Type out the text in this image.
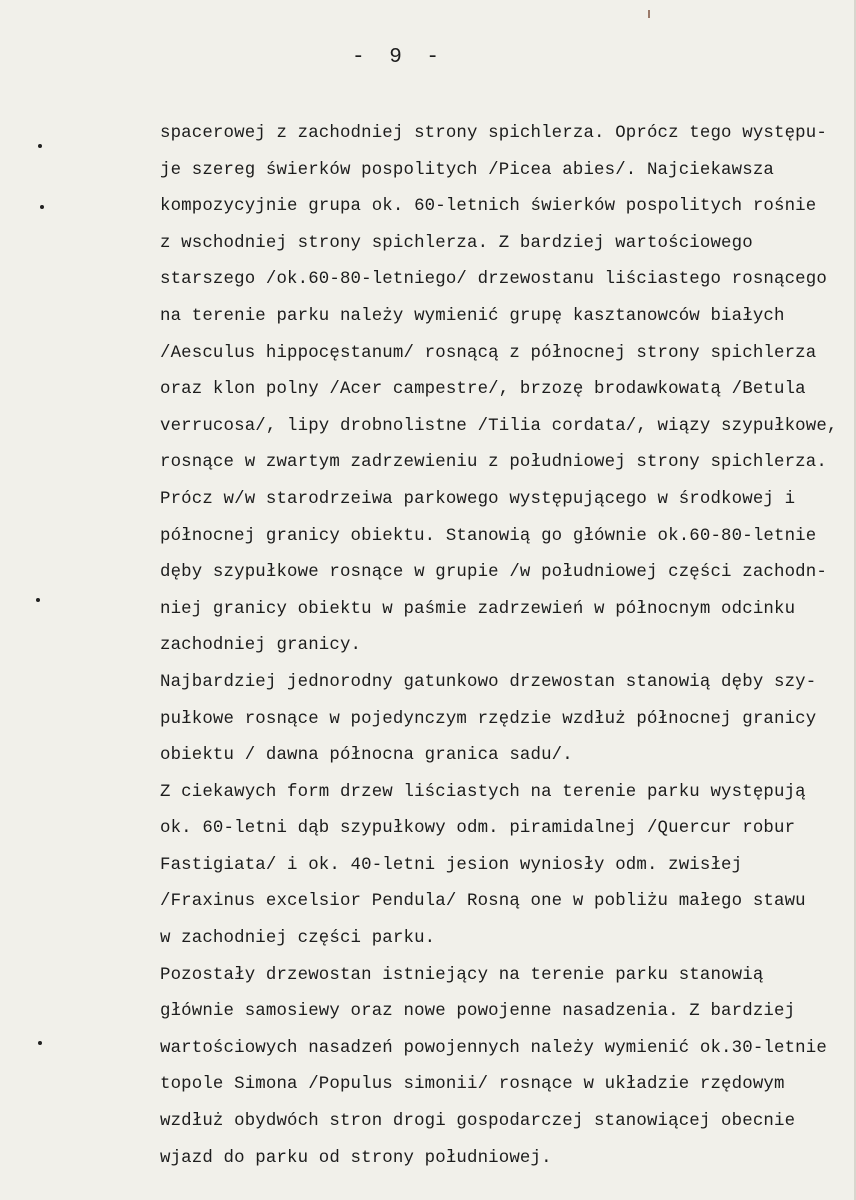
- 9 -
spacerowej z zachodniej strony spichlerza. Oprócz tego występu-
je szereg świerków pospolitych /Picea abies/. Najciekawsza
kompozycyjnie grupa ok. 60-letnich świerków pospolitych rośnie
z wschodniej strony spichlerza. Z bardziej wartościowego
starszego /ok.60-80-letniego/ drzewostanu liściastego rosnącego
na terenie parku należy wymienić grupę kasztanowców białych
/Aesculus hippocęstanum/ rosnącą z północnej strony spichlerza
oraz klon polny /Acer campestre/, brzozę brodawkowatą /Betula
verrucosa/, lipy drobnolistne /Tilia cordata/, wiązy szypułkowe,
rosnące w zwartym zadrzewieniu z południowej strony spichlerza.
Prócz w/w starodrzeiwa parkowego występującego w środkowej i
północnej granicy obiektu. Stanowią go głównie ok.60-80-letnie
dęby szypułkowe rosnące w grupie /w południowej części zachodn-
niej granicy obiektu w paśmie zadrzewień w północnym odcinku
zachodniej granicy.
Najbardziej jednorodny gatunkowo drzewostan stanowią dęby szy-
pułkowe rosnące w pojedynczym rzędzie wzdłuż północnej granicy
obiektu / dawna północna granica sadu/.
Z ciekawych form drzew liściastych na terenie parku występują
ok. 60-letni dąb szypułkowy odm. piramidalnej /Quercur robur
Fastigiata/ i ok. 40-letni jesion wyniosły odm. zwisłej
/Fraxinus excelsior Pendula/ Rosną one w pobliżu małego stawu
w zachodniej części parku.
Pozostały drzewostan istniejący na terenie parku stanowią
głównie samosiewy oraz nowe powojenne nasadzenia. Z bardziej
wartościowych nasadzeń powojennych należy wymienić ok.30-letnie
topole Simona /Populus simonii/ rosnące w układzie rzędowym
wzdłuż obydwóch stron drogi gospodarczej stanowiącej obecnie
wjazd do parku od strony południowej.
